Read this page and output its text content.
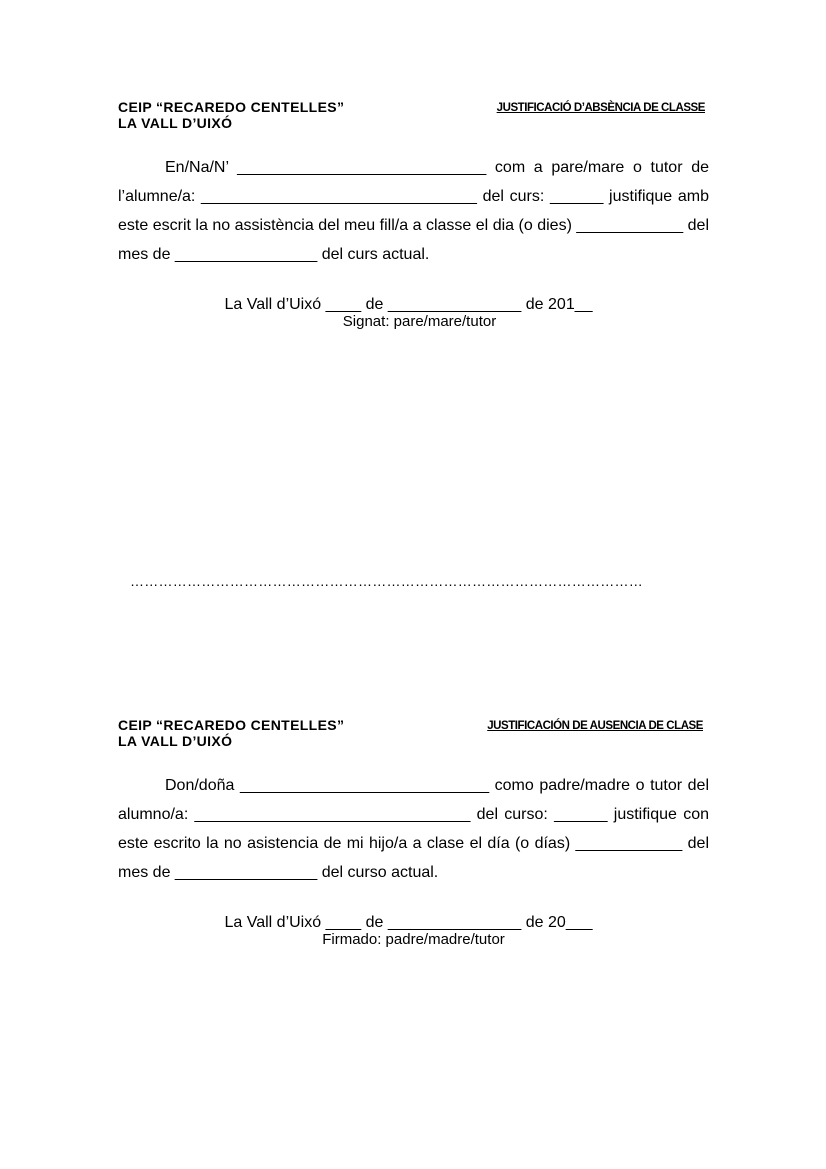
CEIP “RECAREDO CENTELLES”	JUSTIFICACIÓ D’ABSÈNCIA DE CLASSE
LA VALL D’UIXÓ

En/Na/N’ ____________________________ com a pare/mare o tutor de l’alumne/a: _______________________________ del curs: ______ justifique amb este escrit la no assistència del meu fill/a a classe el dia (o dies) ____________ del mes de ________________ del curs actual.

La Vall d’Uixó ____ de _______________ de 201__
Signat: pare/mare/tutor
………………………………………………………………………………………………
CEIP “RECAREDO CENTELLES”	JUSTIFICACIÓN DE AUSENCIA DE CLASE
LA VALL D’UIXÓ

Don/doña ____________________________ como padre/madre o tutor del alumno/a: _______________________________ del curso: ______ justifique con este escrito la no asistencia de mi hijo/a a clase el día (o días) ____________ del mes de ________________ del curso actual.

La Vall d’Uixó ____ de _______________ de 20___
Firmado: padre/madre/tutor
